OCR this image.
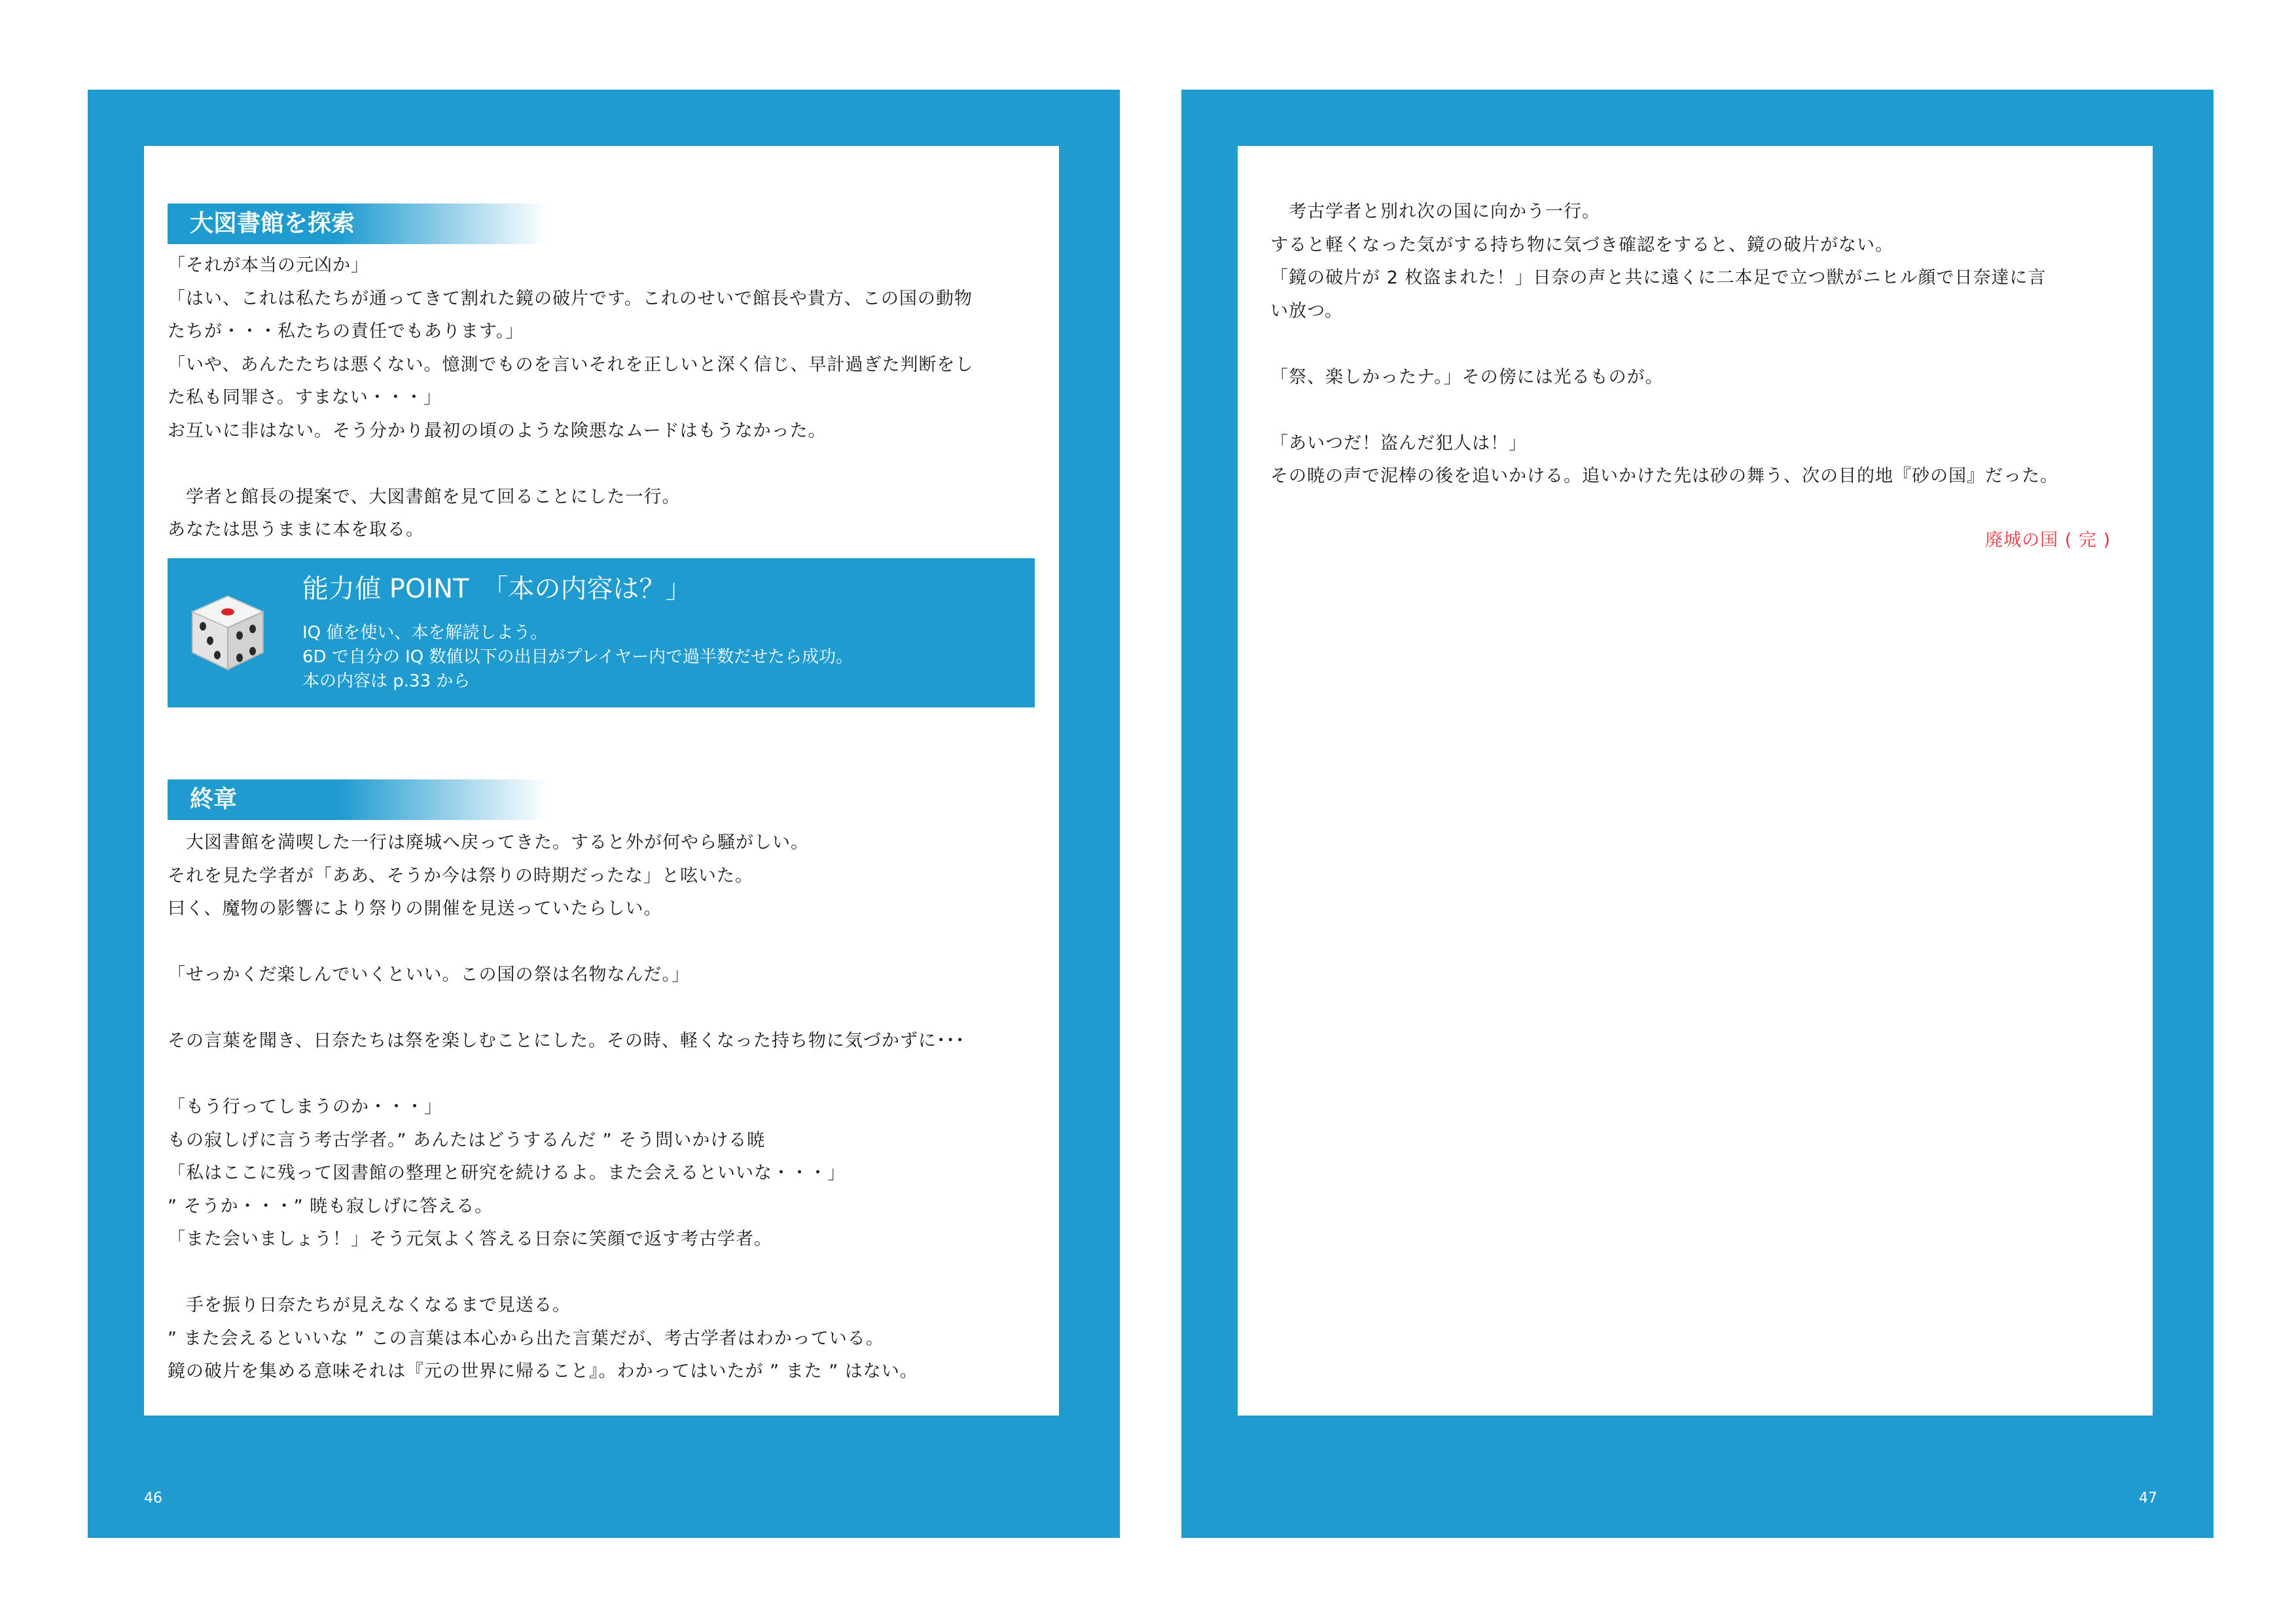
大図書館を探索
「それが本当の元凶か」
「はい、これは私たちが通ってきて割れた鏡の破片です。これのせいで館長や貴方、この国の動物
たちが・・・私たちの責任でもあります。」
「いや、あんたたちは悪くない。憶測でものを言いそれを正しいと深く信じ、早計過ぎた判断をし
た私も同罪さ。すまない・・・」
お互いに非はない。そう分かり最初の頃のような険悪なムードはもうなかった。
　学者と館長の提案で、大図書館を見て回ることにした一行。
あなたは思うままに本を取る。
能力値 POINT　「本の内容は？」
IQ 値を使い、本を解読しよう。
6D で自分の IQ 数値以下の出目がプレイヤー内で過半数だせたら成功。
本の内容は p.33 から
終章
　大図書館を満喫した一行は廃城へ戻ってきた。すると外が何やら騒がしい。
それを見た学者が「ああ、そうか今は祭りの時期だったな」と呟いた。
曰く、魔物の影響により祭りの開催を見送っていたらしい。
「せっかくだ楽しんでいくといい。この国の祭は名物なんだ。」
その言葉を聞き、日奈たちは祭を楽しむことにした。その時、軽くなった持ち物に気づかずに･･･
「もう行ってしまうのか・・・」
もの寂しげに言う考古学者。” あんたはどうするんだ ” そう問いかける暁
「私はここに残って図書館の整理と研究を続けるよ。また会えるといいな・・・」
” そうか・・・” 暁も寂しげに答える。
「また会いましょう！」そう元気よく答える日奈に笑顔で返す考古学者。
　手を振り日奈たちが見えなくなるまで見送る。
” また会えるといいな ” この言葉は本心から出た言葉だが、考古学者はわかっている。
鏡の破片を集める意味それは『元の世界に帰ること』。わかってはいたが ” また ” はない。
46
　考古学者と別れ次の国に向かう一行。
すると軽くなった気がする持ち物に気づき確認をすると、鏡の破片がない。
「鏡の破片が 2 枚盗まれた！」日奈の声と共に遠くに二本足で立つ獣がニヒル顔で日奈達に言
い放つ。
「祭、楽しかったナ。」その傍には光るものが。
「あいつだ！盗んだ犯人は！」
その暁の声で泥棒の後を追いかける。追いかけた先は砂の舞う、次の目的地『砂の国』だった。
廃城の国 ( 完 )
47
